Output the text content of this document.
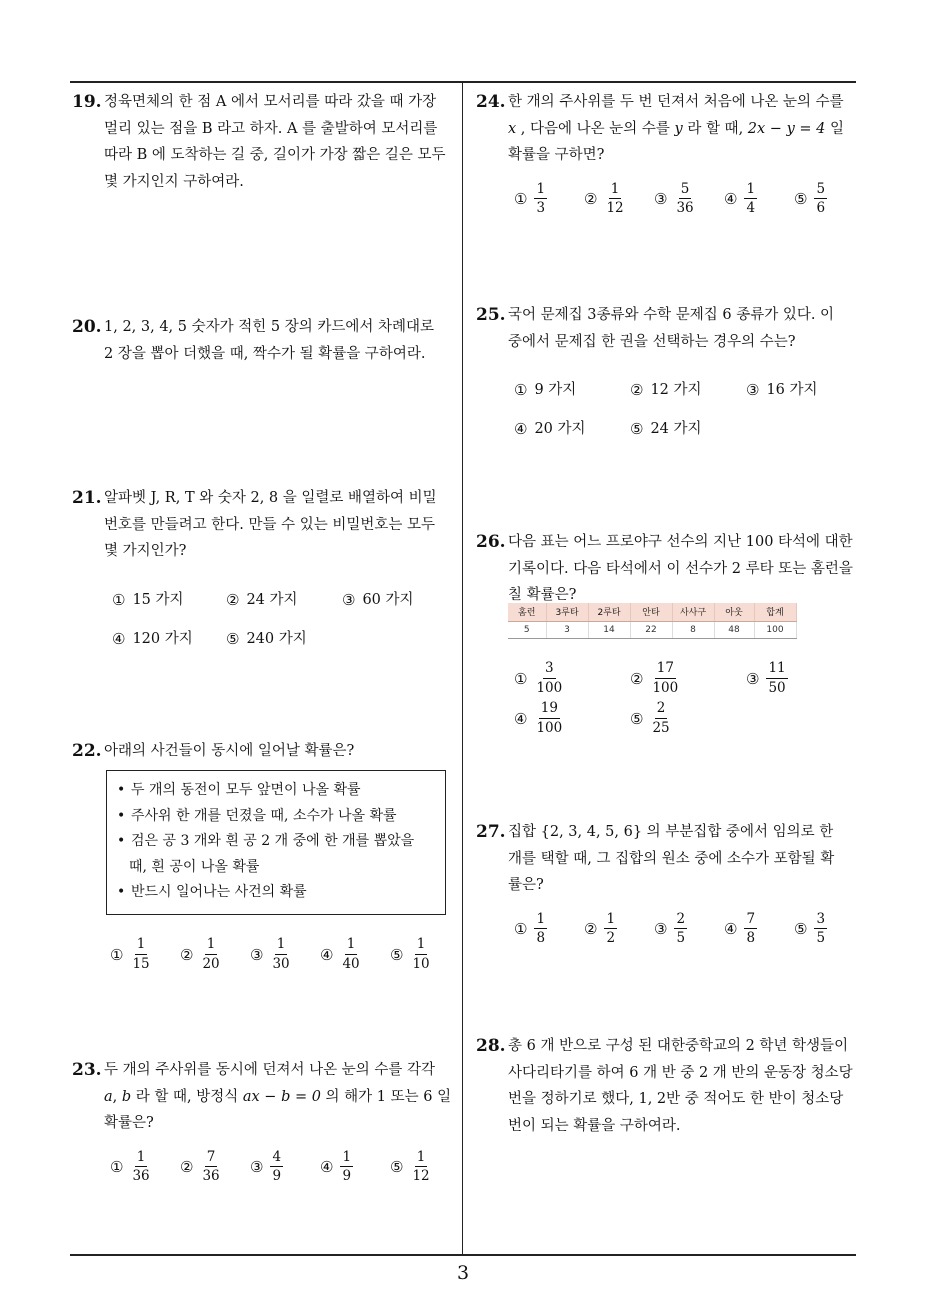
19. 정육면체의 한 점 A 에서 모서리를 따라 갔을 때 가장
멀리 있는 점을 B 라고 하자. A 를 출발하여 모서리를
따라 B 에 도착하는 길 중, 길이가 가장 짧은 길은 모두
몇 가지인지 구하여라.
20. 1, 2, 3, 4, 5 숫자가 적힌 5 장의 카드에서 차례대로
2 장을 뽑아 더했을 때, 짝수가 될 확률을 구하여라.
21. 알파벳 J, R, T 와 숫자 2, 8 을 일렬로 배열하여 비밀
번호를 만들려고 한다. 만들 수 있는 비밀번호는 모두
몇 가지인가?
① 15 가지	② 24 가지	③ 60 가지
④ 120 가지 ⑤ 240 가지
22. 아래의 사건들이 동시에 일어날 확률은?
• 두 개의 동전이 모두 앞면이 나올 확률
• 주사위 한 개를 던졌을 때, 소수가 나올 확률
• 검은 공 3 개와 흰 공 2 개 중에 한 개를 뽑았을
때, 흰 공이 나올 확률
• 반드시 일어나는 사건의 확률
① $\frac{1}{15}$ ② $\frac{1}{20}$ ③ $\frac{1}{30}$ ④ $\frac{1}{40}$ ⑤ $\frac{1}{10}$
23. 두 개의 주사위를 동시에 던져서 나온 눈의 수를 각각
a, b 라 할 때, 방정식 ax − b = 0 의 해가 1 또는 6 일
확률은?
① $\frac{1}{36}$ ② $\frac{7}{36}$ ③ $\frac{4}{9}$ ④ $\frac{1}{9}$ ⑤ $\frac{1}{12}$
24. 한 개의 주사위를 두 번 던져서 처음에 나온 눈의 수를
x , 다음에 나온 눈의 수를 y 라 할 때, 2x − y = 4 일
확률을 구하면?
① $\frac{1}{3}$ ② $\frac{1}{12}$ ③ $\frac{5}{36}$ ④ $\frac{1}{4}$ ⑤ $\frac{5}{6}$
25. 국어 문제집 3종류와 수학 문제집 6 종류가 있다. 이
중에서 문제집 한 권을 선택하는 경우의 수는?
① 9 가지	② 12 가지	③ 16 가지
④ 20 가지	⑤ 24 가지
26. 다음 표는 어느 프로야구 선수의 지난 100 타석에 대한
기록이다. 다음 타석에서 이 선수가 2 루타 또는 홈런을
칠 확률은?
홈런	3루타	2루타	안타	사사구	아웃	합계
5	3	14	22	8	48	100
① $\frac{3}{100}$	② $\frac{17}{100}$	③ $\frac{11}{50}$
④ $\frac{19}{100}$	⑤ $\frac{2}{25}$
27. 집합 {2, 3, 4, 5, 6} 의 부분집합 중에서 임의로 한
개를 택할 때, 그 집합의 원소 중에 소수가 포함될 확
률은?
① $\frac{1}{8}$ ② $\frac{1}{2}$ ③ $\frac{2}{5}$ ④ $\frac{7}{8}$ ⑤ $\frac{3}{5}$
28. 총 6 개 반으로 구성 된 대한중학교의 2 학년 학생들이
사다리타기를 하여 6 개 반 중 2 개 반의 운동장 청소당
번을 정하기로 했다, 1, 2반 중 적어도 한 반이 청소당
번이 되는 확률을 구하여라.
3
